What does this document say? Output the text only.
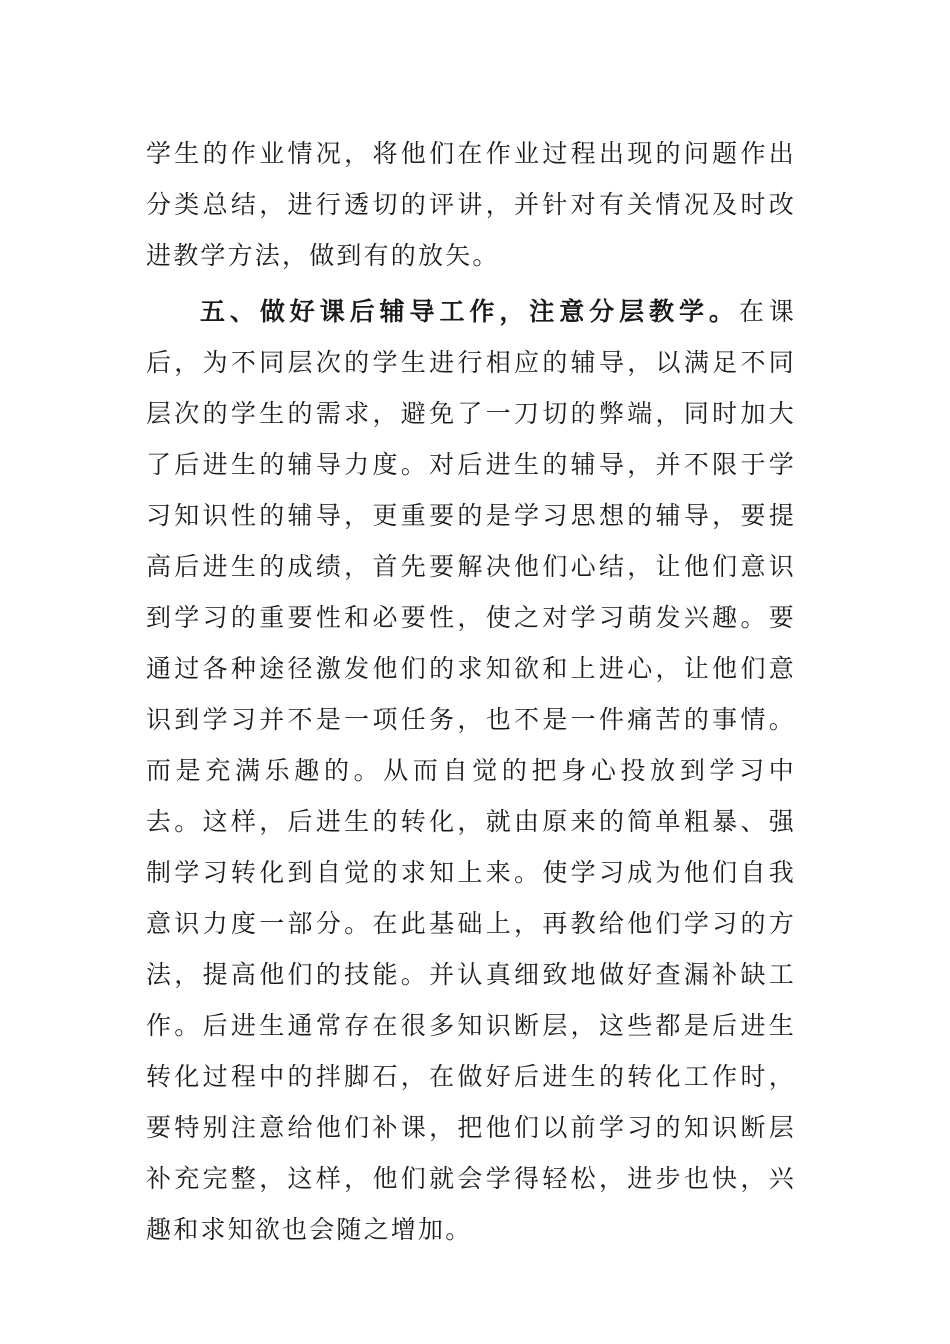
学生的作业情况，将他们在作业过程出现的问题作出分类总结，进行透切的评讲，并针对有关情况及时改进教学方法，做到有的放矢。
五、做好课后辅导工作，注意分层教学。在课后，为不同层次的学生进行相应的辅导，以满足不同层次的学生的需求，避免了一刀切的弊端，同时加大了后进生的辅导力度。对后进生的辅导，并不限于学习知识性的辅导，更重要的是学习思想的辅导，要提高后进生的成绩，首先要解决他们心结，让他们意识到学习的重要性和必要性，使之对学习萌发兴趣。要通过各种途径激发他们的求知欲和上进心，让他们意识到学习并不是一项任务，也不是一件痛苦的事情。而是充满乐趣的。从而自觉的把身心投放到学习中去。这样，后进生的转化，就由原来的简单粗暴、强制学习转化到自觉的求知上来。使学习成为他们自我意识力度一部分。在此基础上，再教给他们学习的方法，提高他们的技能。并认真细致地做好查漏补缺工作。后进生通常存在很多知识断层，这些都是后进生转化过程中的拌脚石，在做好后进生的转化工作时，要特别注意给他们补课，把他们以前学习的知识断层补充完整，这样，他们就会学得轻松，进步也快，兴趣和求知欲也会随之增加。
